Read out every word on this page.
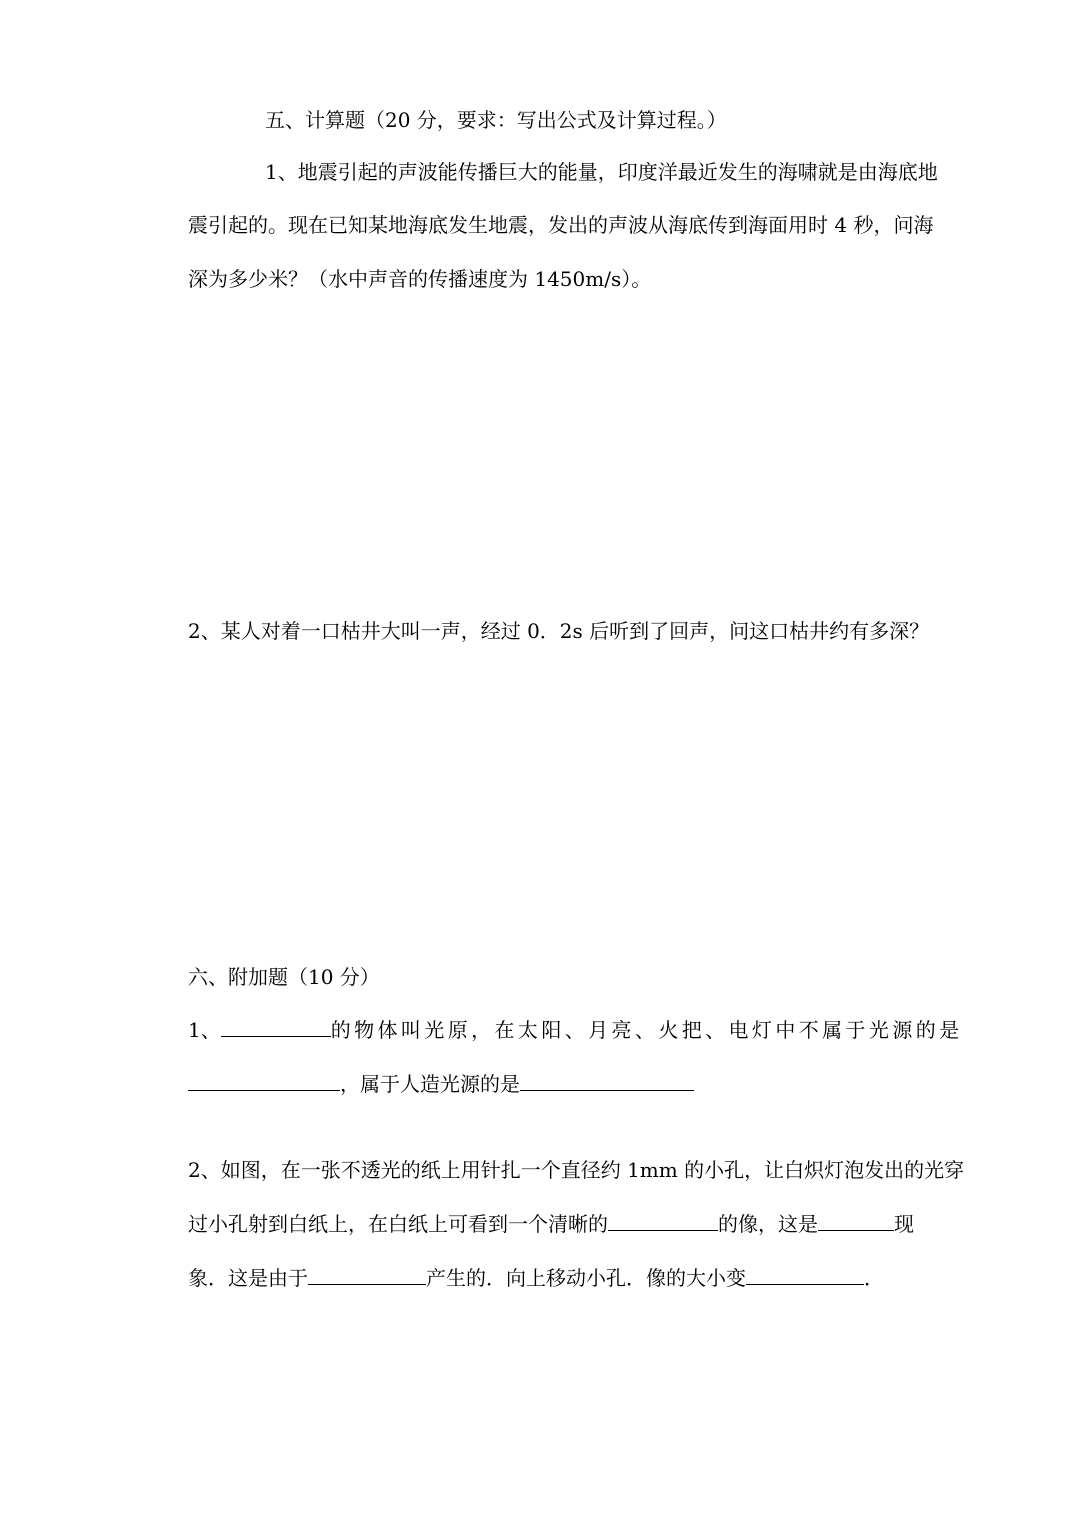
五、计算题（20 分，要求：写出公式及计算过程。）
1、地震引起的声波能传播巨大的能量，印度洋最近发生的海啸就是由海底地
震引起的。现在已知某地海底发生地震，发出的声波从海底传到海面用时 4 秒，问海
深为多少米？（水中声音的传播速度为 1450m/s）。
2、某人对着一口枯井大叫一声，经过 0．2s 后听到了回声，问这口枯井约有多深？
六、附加题（10 分）
1、	的物体叫光原，在太阳、月亮、火把、电灯中不属于光源的是
，属于人造光源的是
2、如图，在一张不透光的纸上用针扎一个直径约 1mm 的小孔，让白炽灯泡发出的光穿
过小孔射到白纸上，在白纸上可看到一个清晰的	的像，这是	现
象．这是由于	产生的．向上移动小孔．像的大小变	．
